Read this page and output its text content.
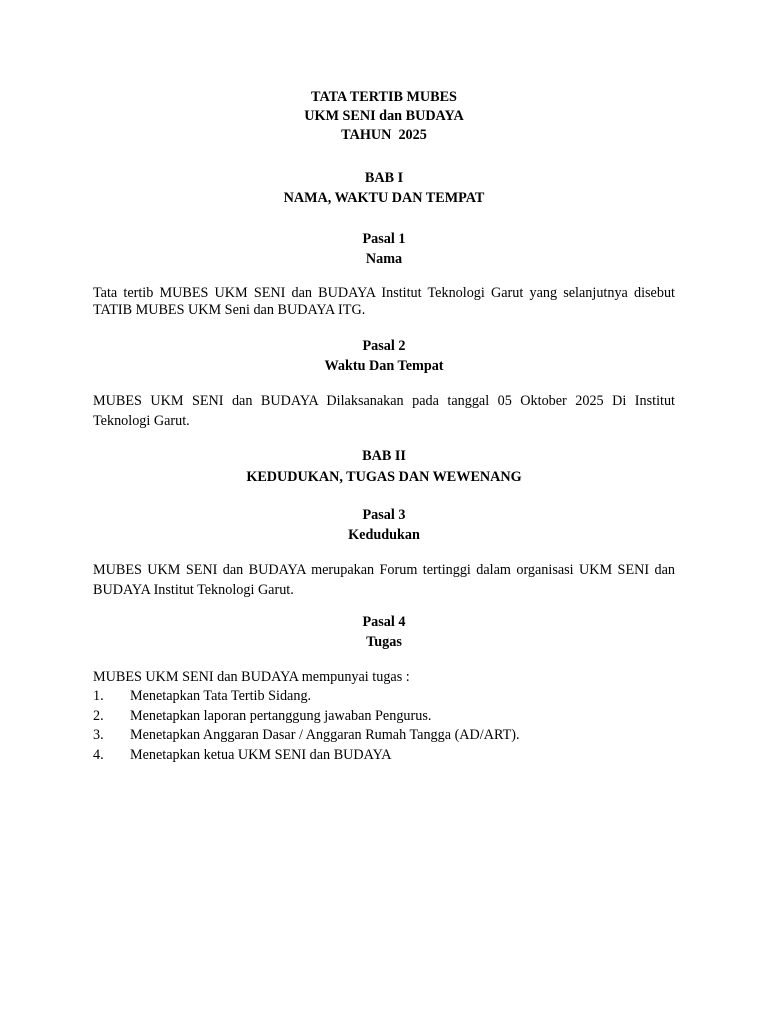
TATA TERTIB MUBES
UKM SENI dan BUDAYA
TAHUN  2025
BAB I
NAMA, WAKTU DAN TEMPAT
Pasal 1
Nama
Tata tertib MUBES UKM SENI dan BUDAYA Institut Teknologi Garut yang selanjutnya disebut TATIB MUBES UKM Seni dan BUDAYA ITG.
Pasal 2
Waktu Dan Tempat
MUBES UKM SENI dan BUDAYA Dilaksanakan pada tanggal 05 Oktober 2025 Di Institut Teknologi Garut.
BAB II
KEDUDUKAN, TUGAS DAN WEWENANG
Pasal 3
Kedudukan
MUBES UKM SENI dan BUDAYA merupakan Forum tertinggi dalam organisasi UKM SENI dan BUDAYA Institut Teknologi Garut.
Pasal 4
Tugas
MUBES UKM SENI dan BUDAYA mempunyai tugas :
1.	Menetapkan Tata Tertib Sidang.
2.	Menetapkan laporan pertanggung jawaban Pengurus.
3.	Menetapkan Anggaran Dasar / Anggaran Rumah Tangga (AD/ART).
4.	Menetapkan ketua UKM SENI dan BUDAYA
